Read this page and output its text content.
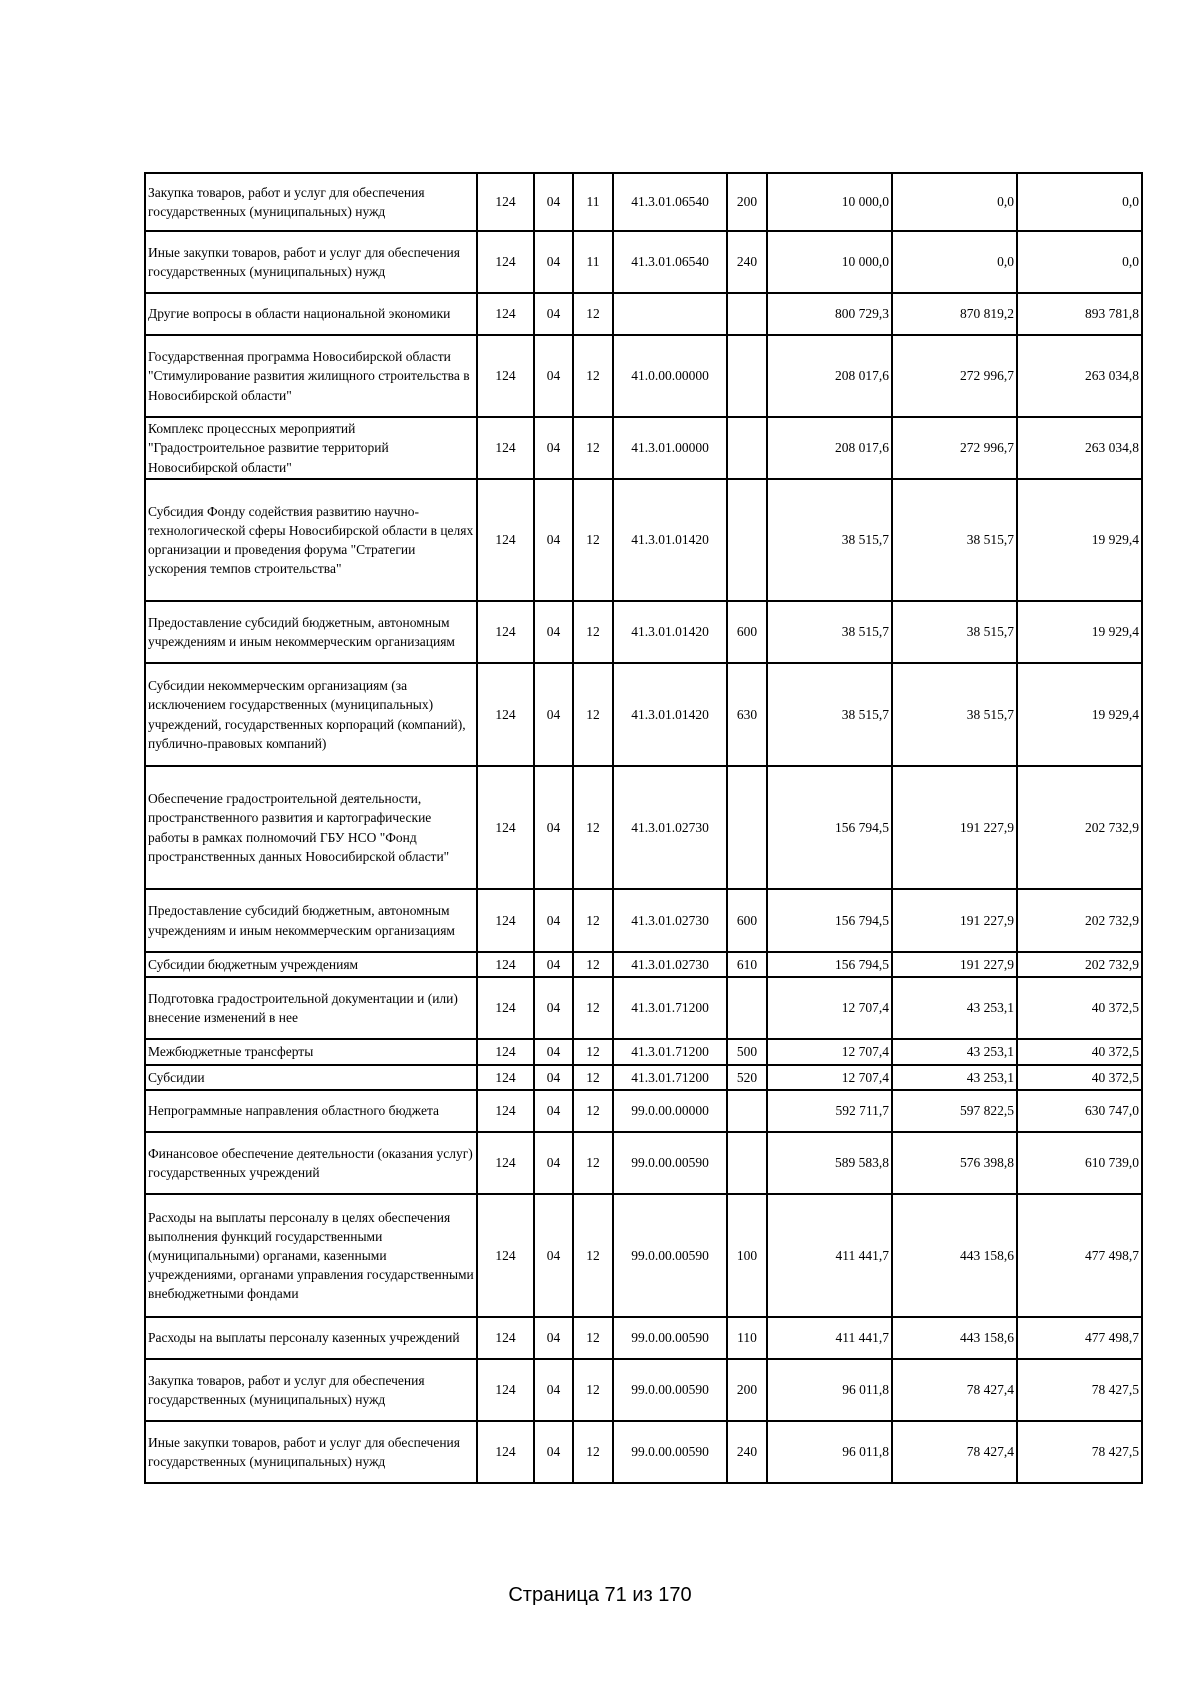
Закупка товаров, работ и услуг для обеспечения государственных (муниципальных) нужд	124	04	11	41.3.01.06540	200	10 000,0	0,0	0,0
Иные закупки товаров, работ и услуг для обеспечения государственных (муниципальных) нужд	124	04	11	41.3.01.06540	240	10 000,0	0,0	0,0
Другие вопросы в области национальной экономики	124	04	12			800 729,3	870 819,2	893 781,8
Государственная программа Новосибирской области "Стимулирование развития жилищного строительства в Новосибирской области"	124	04	12	41.0.00.00000		208 017,6	272 996,7	263 034,8
Комплекс процессных мероприятий "Градостроительное развитие территорий Новосибирской области"	124	04	12	41.3.01.00000		208 017,6	272 996,7	263 034,8
Субсидия Фонду содействия развитию научно-технологической сферы Новосибирской области в целях организации и проведения форума "Стратегии ускорения темпов строительства"	124	04	12	41.3.01.01420		38 515,7	38 515,7	19 929,4
Предоставление субсидий бюджетным, автономным учреждениям и иным некоммерческим организациям	124	04	12	41.3.01.01420	600	38 515,7	38 515,7	19 929,4
Субсидии некоммерческим организациям (за исключением государственных (муниципальных) учреждений, государственных корпораций (компаний), публично-правовых компаний)	124	04	12	41.3.01.01420	630	38 515,7	38 515,7	19 929,4
Обеспечение градостроительной деятельности, пространственного развития и картографические работы в рамках полномочий ГБУ НСО "Фонд пространственных данных Новосибирской области"	124	04	12	41.3.01.02730		156 794,5	191 227,9	202 732,9
Предоставление субсидий бюджетным, автономным учреждениям и иным некоммерческим организациям	124	04	12	41.3.01.02730	600	156 794,5	191 227,9	202 732,9
Субсидии бюджетным учреждениям	124	04	12	41.3.01.02730	610	156 794,5	191 227,9	202 732,9
Подготовка градостроительной документации и (или) внесение изменений в нее	124	04	12	41.3.01.71200		12 707,4	43 253,1	40 372,5
Межбюджетные трансферты	124	04	12	41.3.01.71200	500	12 707,4	43 253,1	40 372,5
Субсидии	124	04	12	41.3.01.71200	520	12 707,4	43 253,1	40 372,5
Непрограммные направления областного бюджета	124	04	12	99.0.00.00000		592 711,7	597 822,5	630 747,0
Финансовое обеспечение деятельности (оказания услуг) государственных учреждений	124	04	12	99.0.00.00590		589 583,8	576 398,8	610 739,0
Расходы на выплаты персоналу в целях обеспечения выполнения функций государственными (муниципальными) органами, казенными учреждениями, органами управления государственными внебюджетными фондами	124	04	12	99.0.00.00590	100	411 441,7	443 158,6	477 498,7
Расходы на выплаты персоналу казенных учреждений	124	04	12	99.0.00.00590	110	411 441,7	443 158,6	477 498,7
Закупка товаров, работ и услуг для обеспечения государственных (муниципальных) нужд	124	04	12	99.0.00.00590	200	96 011,8	78 427,4	78 427,5
Иные закупки товаров, работ и услуг для обеспечения государственных (муниципальных) нужд	124	04	12	99.0.00.00590	240	96 011,8	78 427,4	78 427,5
Страница 71 из 170
